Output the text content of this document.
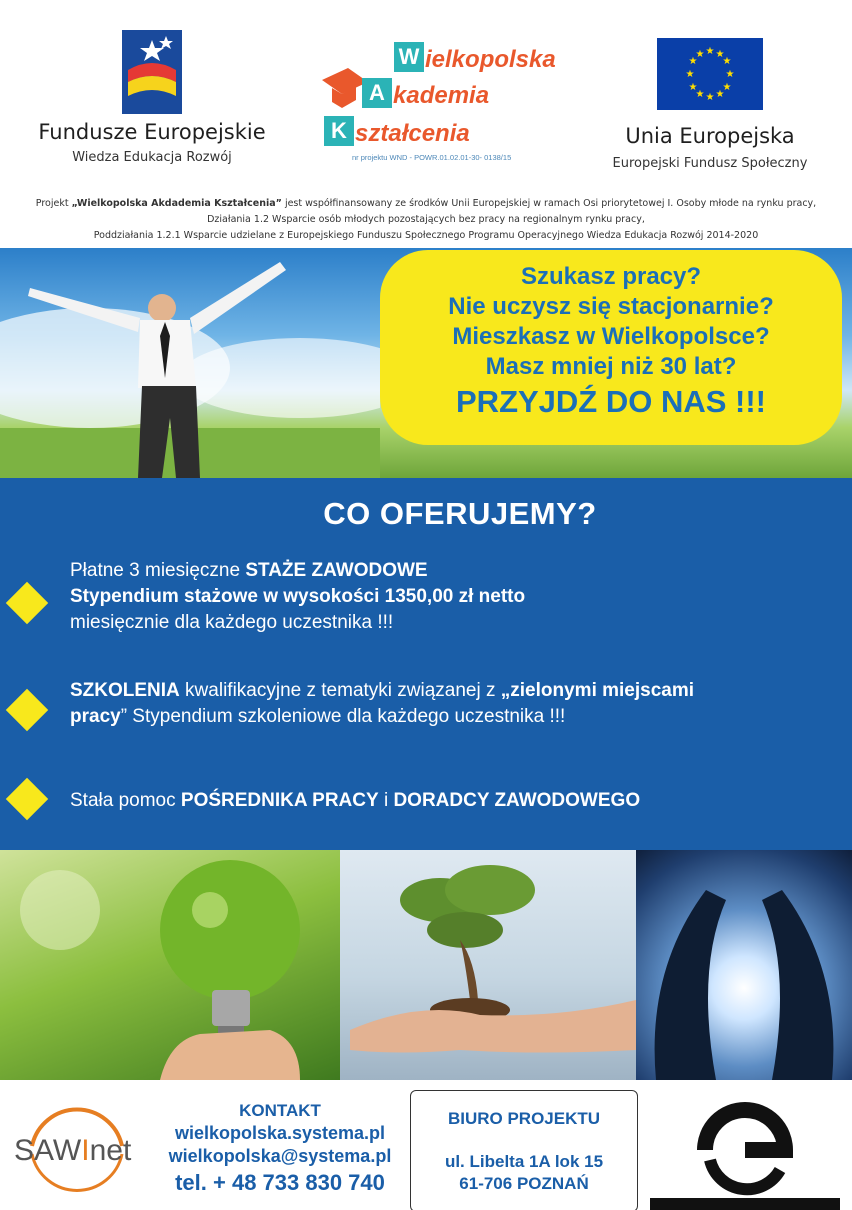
Fundusze Europejskie
Wiedza Edukacja Rozwój
W ielkopolska
A kademia
K ształcenia
nr projektu WND - POWR.01.02.01-30- 0138/15
★ ★
★
★
★
★
★
★
★
★
★
★
Unia Europejska
Europejski Fundusz Społeczny
Projekt „Wielkopolska Akdademia Kształcenia” jest współfinansowany ze środków Unii Europejskiej w ramach Osi priorytetowej I. Osoby młode na rynku pracy,
Działania 1.2 Wsparcie osób młodych pozostających bez pracy na regionalnym rynku pracy,
Poddziałania 1.2.1 Wsparcie udzielane z Europejskiego Funduszu Społecznego Programu Operacyjnego Wiedza Edukacja Rozwój 2014-2020
Szukasz pracy?
Nie uczysz się stacjonarnie?
Mieszkasz w Wielkopolsce?
Masz mniej niż 30 lat?
PRZYJDŹ DO NAS !!!
CO OFERUJEMY?
Płatne 3 miesięczne STAŻE ZAWODOWE
Stypendium stażowe w wysokości 1350,00 zł netto
miesięcznie dla każdego uczestnika !!!
SZKOLENIA kwalifikacyjne z tematyki związanej z „zielonymi miejscami
pracy” Stypendium szkoleniowe dla każdego uczestnika !!!
Stała pomoc POŚREDNIKA PRACY i DORADCY ZAWODOWEGO
SAWInet
KONTAKT
wielkopolska.systema.pl
wielkopolska@systema.pl
tel. + 48 733 830 740
BIURO PROJEKTU
ul. Libelta 1A lok 15
61-706 POZNAŃ
